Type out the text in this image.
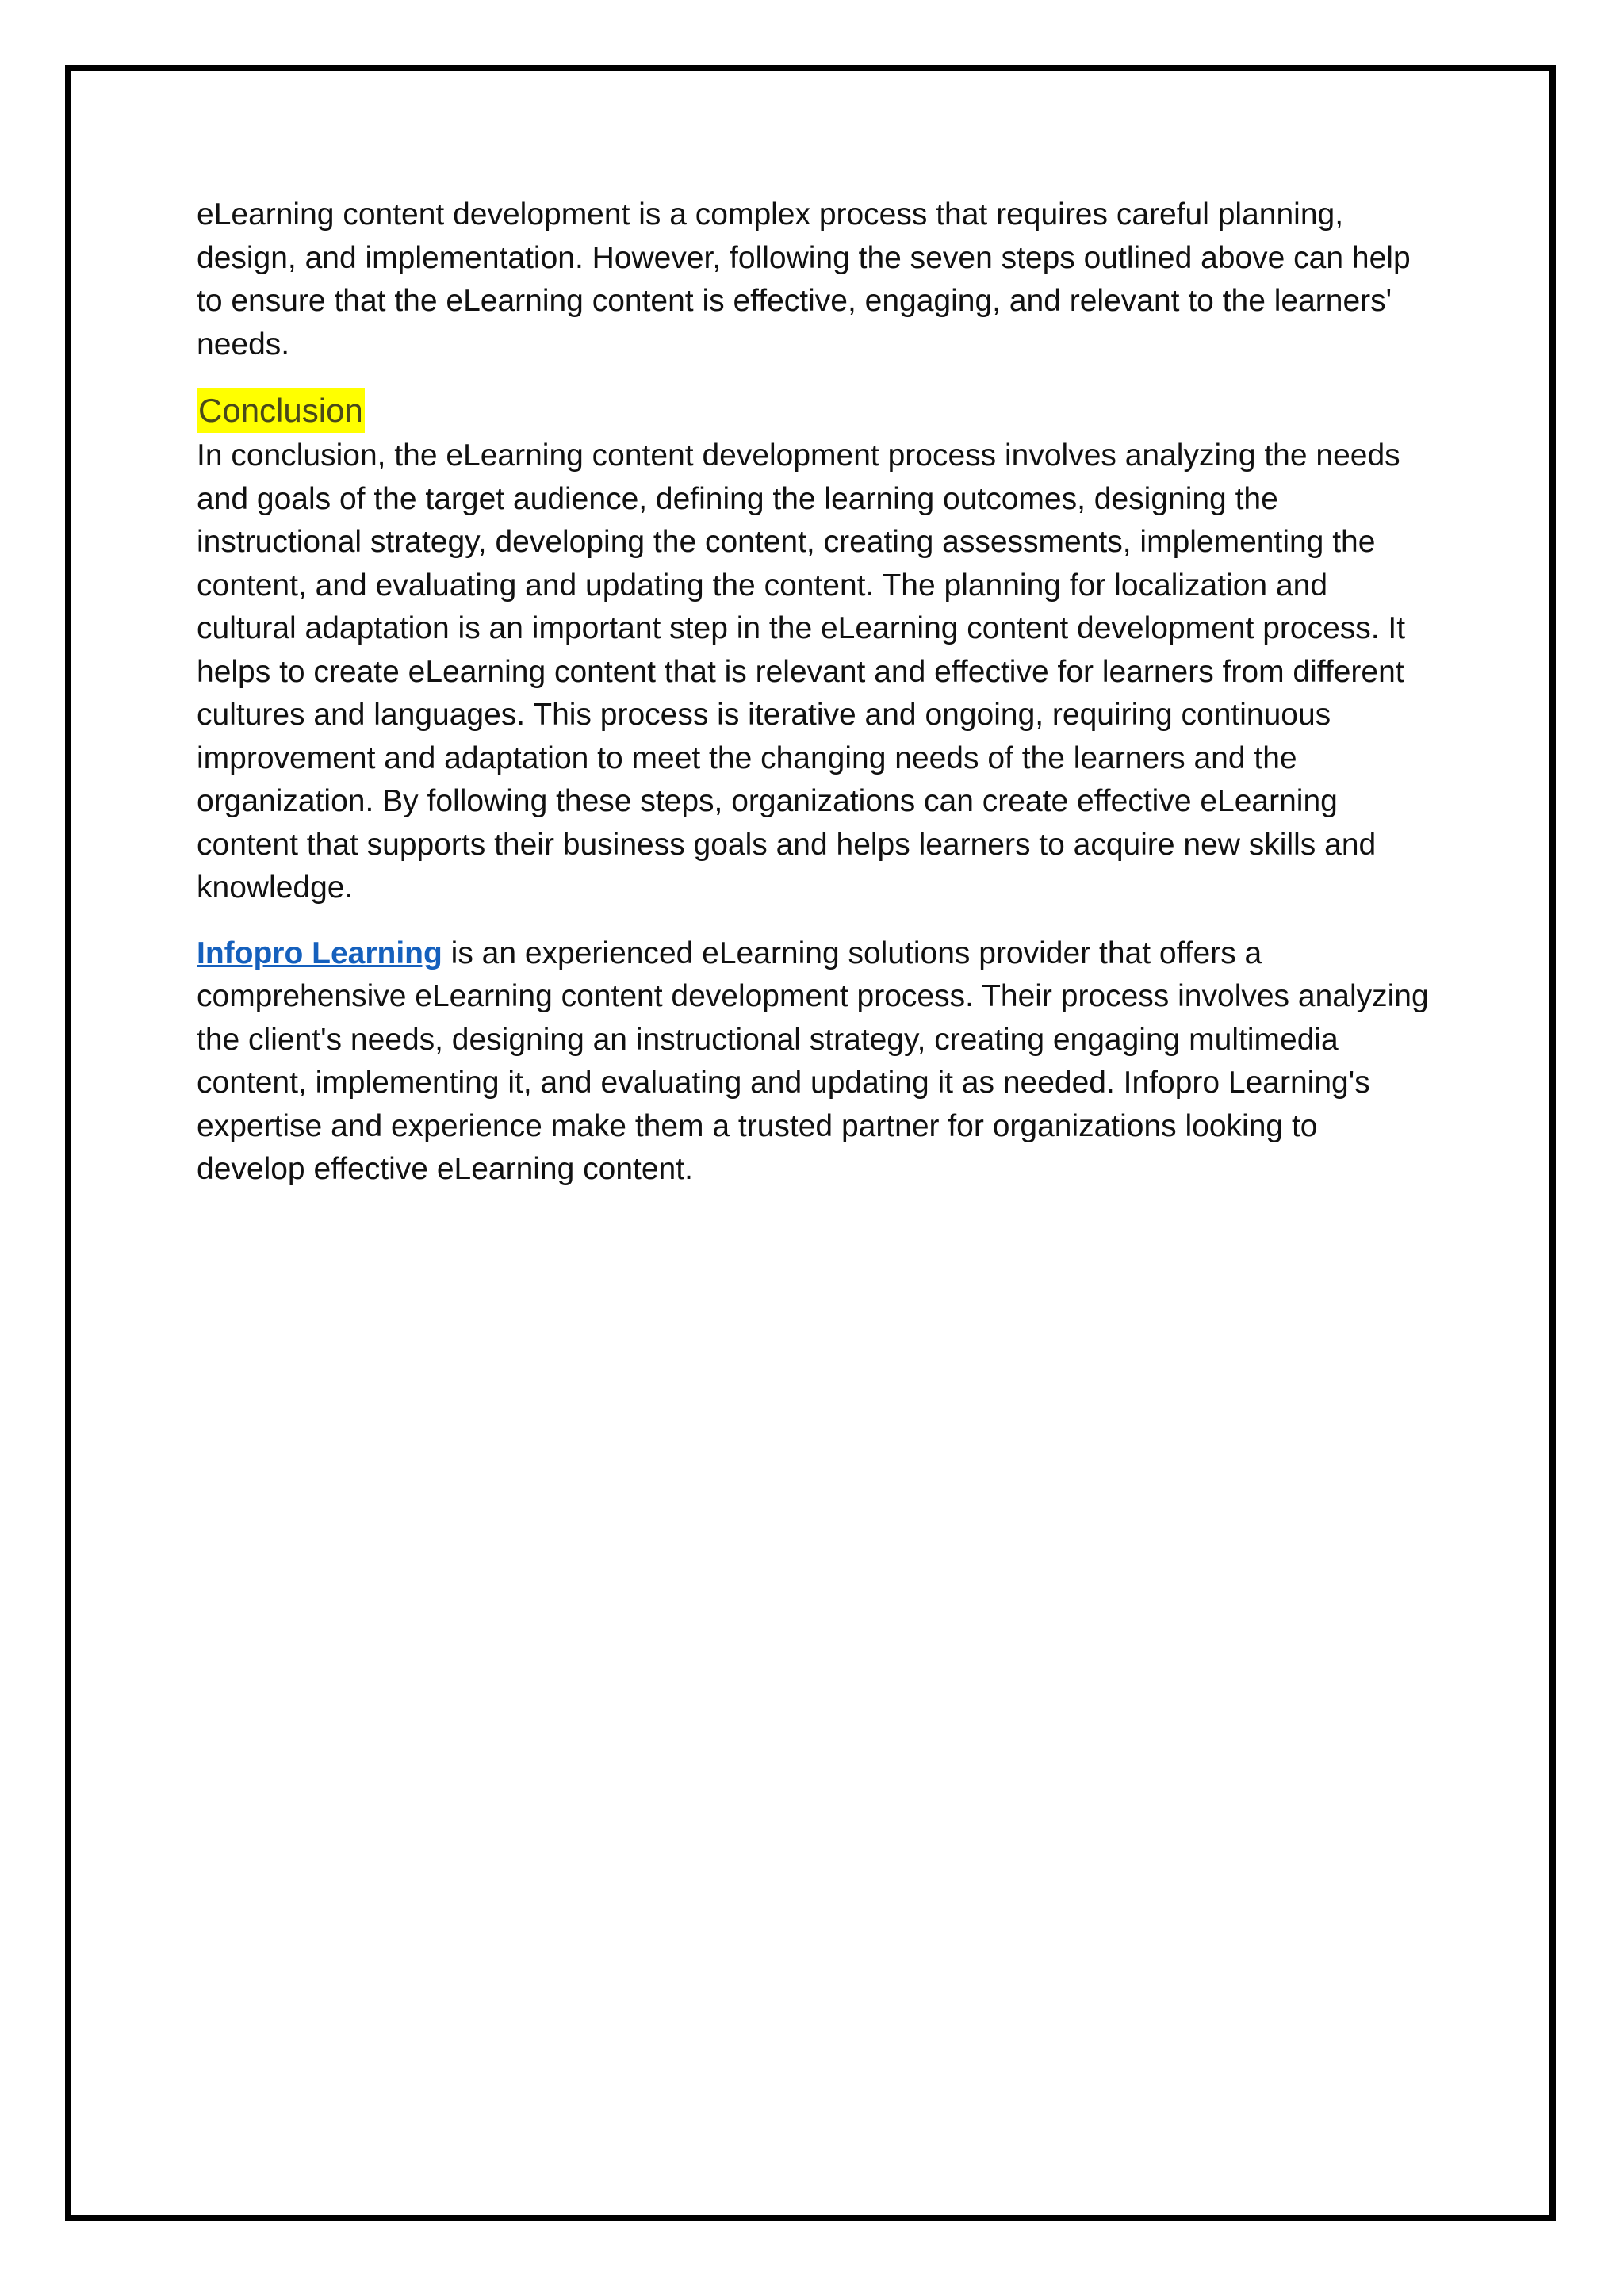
eLearning content development is a complex process that requires careful planning, design, and implementation. However, following the seven steps outlined above can help to ensure that the eLearning content is effective, engaging, and relevant to the learners' needs.

Conclusion

In conclusion, the eLearning content development process involves analyzing the needs and goals of the target audience, defining the learning outcomes, designing the instructional strategy, developing the content, creating assessments, implementing the content, and evaluating and updating the content. The planning for localization and cultural adaptation is an important step in the eLearning content development process. It helps to create eLearning content that is relevant and effective for learners from different cultures and languages. This process is iterative and ongoing, requiring continuous improvement and adaptation to meet the changing needs of the learners and the organization. By following these steps, organizations can create effective eLearning content that supports their business goals and helps learners to acquire new skills and knowledge.

Infopro Learning is an experienced eLearning solutions provider that offers a comprehensive eLearning content development process. Their process involves analyzing the client's needs, designing an instructional strategy, creating engaging multimedia content, implementing it, and evaluating and updating it as needed. Infopro Learning's expertise and experience make them a trusted partner for organizations looking to develop effective eLearning content.
